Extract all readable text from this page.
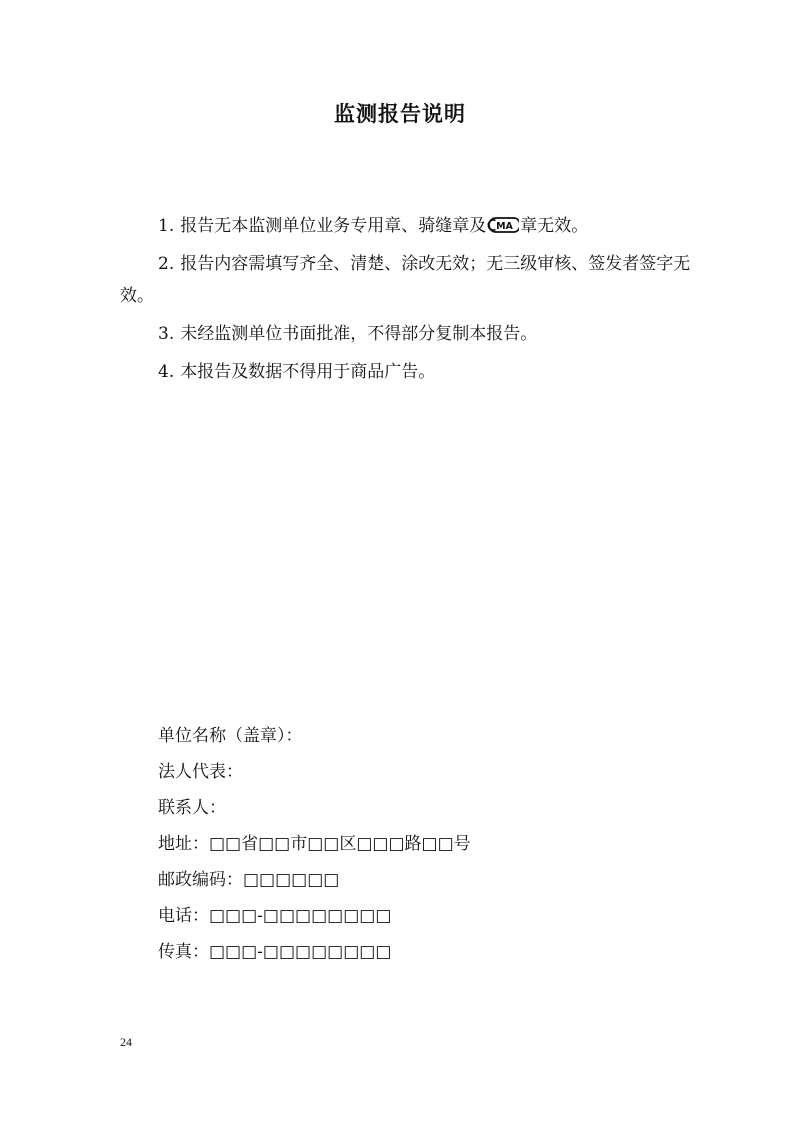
监测报告说明

1. 报告无本监测单位业务专用章、骑缝章及 MA 章无效。

2. 报告内容需填写齐全、清楚、涂改无效；无三级审核、签发者签字无效。

3. 未经监测单位书面批准，不得部分复制本报告。

4. 本报告及数据不得用于商品广告。

单位名称（盖章）：
法人代表：
联系人：
地址：□□省□□市□□区□□□路□□号
邮政编码：□□□□□□
电话：□□□-□□□□□□□□
传真：□□□-□□□□□□□□
24
